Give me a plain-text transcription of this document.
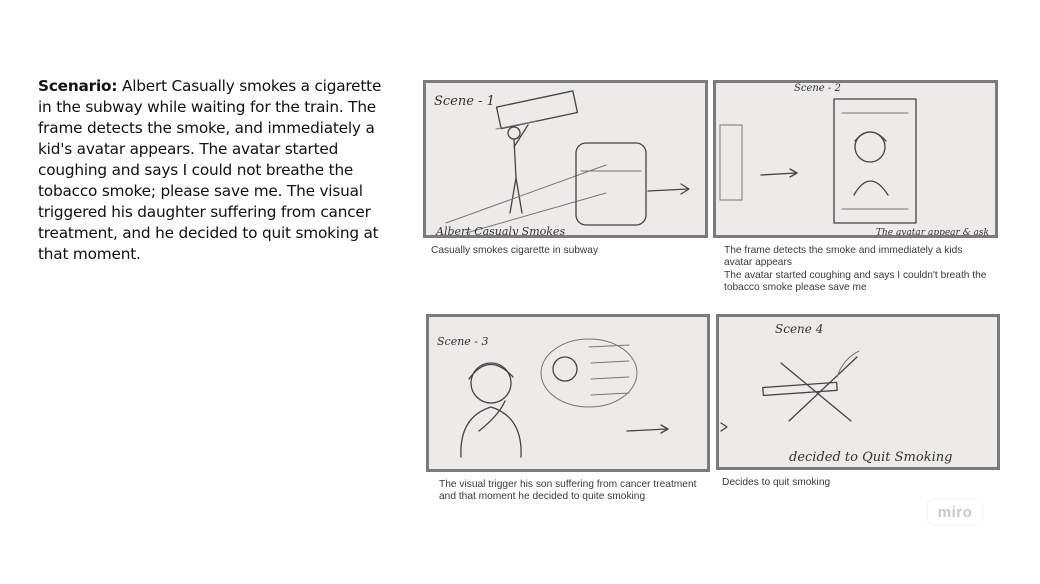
Scenario: Albert Casually smokes a cigarette in the subway while waiting for the train. The frame detects the smoke, and immediately a kid's avatar appears. The avatar started coughing and says I could not breathe the tobacco smoke; please save me. The visual triggered his daughter suffering from cancer treatment, and he decided to quit smoking at that moment.
Scene - 1
Albert Casualy Smokes
Casually smokes cigarette in subway
Scene - 2
The avatar appear & ask
The frame detects the smoke and immediately a kids avatar appears
The avatar started coughing and says I couldn't breath the tobacco smoke please save me
Scene - 3
The visual trigger his son suffering from cancer treatment and that moment he decided to quite smoking
Scene 4
decided to Quit Smoking
Decides to quit smoking
miro
